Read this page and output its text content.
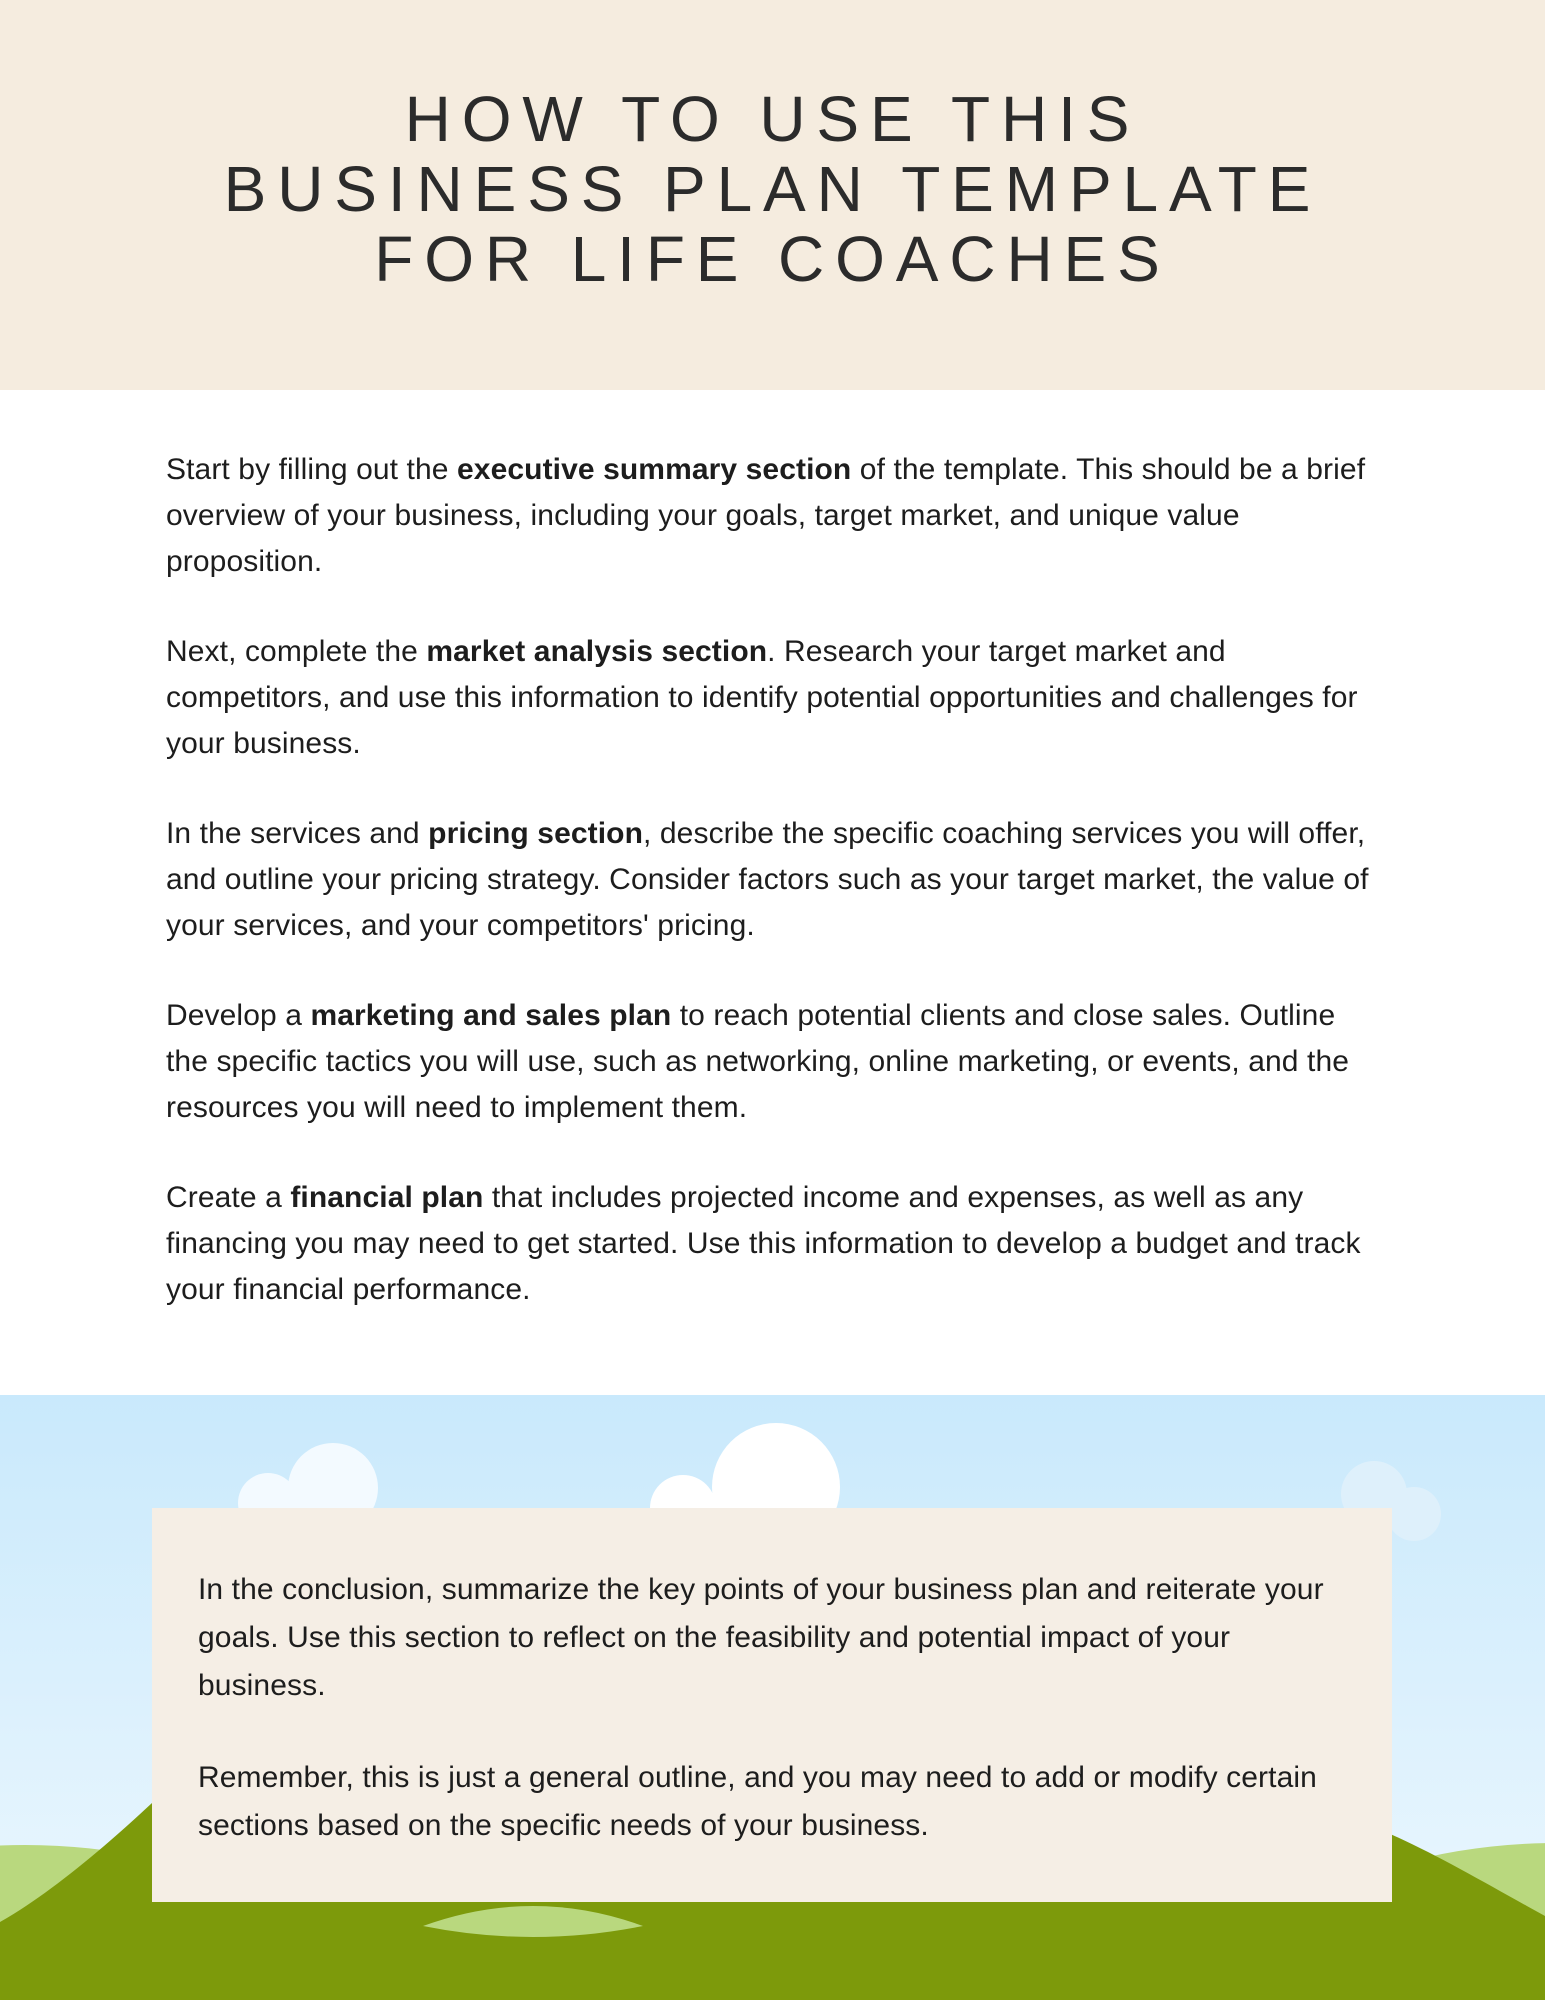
HOW TO USE THIS
BUSINESS PLAN TEMPLATE
FOR LIFE COACHES

Start by filling out the executive summary section of the template. This should be a brief overview of your business, including your goals, target market, and unique value proposition.

Next, complete the market analysis section. Research your target market and competitors, and use this information to identify potential opportunities and challenges for your business.

In the services and pricing section, describe the specific coaching services you will offer, and outline your pricing strategy. Consider factors such as your target market, the value of your services, and your competitors' pricing.

Develop a marketing and sales plan to reach potential clients and close sales. Outline the specific tactics you will use, such as networking, online marketing, or events, and the resources you will need to implement them.

Create a financial plan that includes projected income and expenses, as well as any financing you may need to get started. Use this information to develop a budget and track your financial performance.

In the conclusion, summarize the key points of your business plan and reiterate your goals. Use this section to reflect on the feasibility and potential impact of your business.

Remember, this is just a general outline, and you may need to add or modify certain sections based on the specific needs of your business.
